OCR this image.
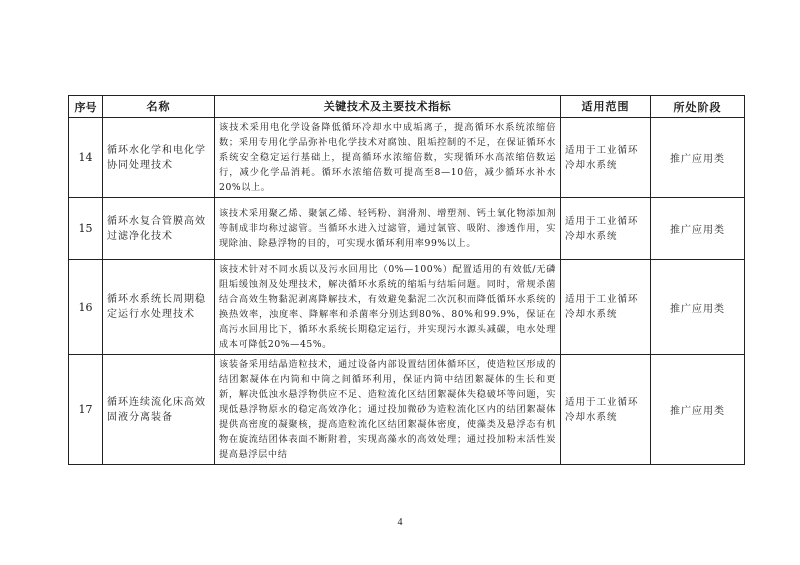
序号	名称	关键技术及主要技术指标	适用范围	所处阶段
14	循环水化学和电化学协同处理技术	该技术采用电化学设备降低循环冷却水中成垢离子，提高循环水系统浓缩倍数；采用专用化学品弥补电化学技术对腐蚀、阻垢控制的不足，在保证循环水系统安全稳定运行基础上，提高循环水浓缩倍数，实现循环水高浓缩倍数运行，减少化学品消耗。循环水浓缩倍数可提高至8—10倍，减少循环水补水20%以上。	适用于工业循环冷却水系统	推广应用类
15	循环水复合管膜高效过滤净化技术	该技术采用聚乙烯、聚氯乙烯、轻钙粉、润滑剂、增塑剂、钙土氧化物添加剂等制成非均称过滤管。当循环水进入过滤管，通过氯管、吸附、渗透作用，实现除油、除悬浮物的目的，可实现水循环利用率99%以上。	适用于工业循环冷却水系统	推广应用类
16	循环水系统长周期稳定运行水处理技术	该技术针对不同水质以及污水回用比（0%—100%）配置适用的有效低/无磷阻垢缓蚀剂及处理技术，解决循环水系统的缩垢与结垢问题。同时，常规杀菌结合高效生物黏泥剥离降解技术，有效避免黏泥二次沉积而降低循环水系统的换热效率，浊度率、降解率和杀菌率分别达到80%、80%和99.9%，保证在高污水回用比下，循环水系统长期稳定运行，并实现污水源头减碳，电水处理成本可降低20%—45%。	适用于工业循环冷却水系统	推广应用类
17	循环连续流化床高效固液分离装备	该装备采用结晶造粒技术，通过设备内部设置结团体循环区，使造粒区形成的结团絮凝体在内筒和中筒之间循环利用，保证内筒中结团絮凝体的生长和更新，解决低浊水悬浮物供应不足、造粒流化区结团絮凝体失稳破坏等问题，实现低悬浮物原水的稳定高效净化；通过投加微砂为造粒流化区内的结团絮凝体提供高密度的凝聚核，提高造粒流化区结团絮凝体密度，使藻类及悬浮态有机物在旋流结团体表面不断附着，实现高藻水的高效处理；通过投加粉末活性炭提高悬浮层中结	适用于工业循环冷却水系统	推广应用类
4
